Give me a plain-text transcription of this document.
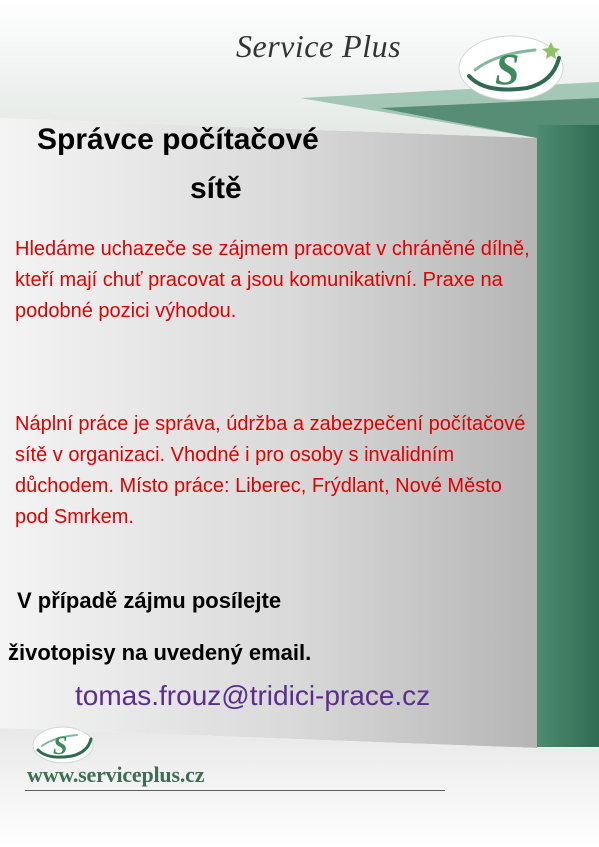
Service Plus S
Správce počítačové
sítě
Hledáme uchazeče se zájmem pracovat v chráněné dílně, kteří mají chuť pracovat a jsou komunikativní. Praxe na podobné pozici výhodou.
Náplní práce je správa, údržba a zabezpečení počítačové sítě v organizaci. Vhodné i pro osoby s invalidním důchodem. Místo práce: Liberec, Frýdlant, Nové Město pod Smrkem.
V případě zájmu posílejte
životopisy na uvedený email.
tomas.frouz@tridici-prace.cz
S
www.serviceplus.cz
